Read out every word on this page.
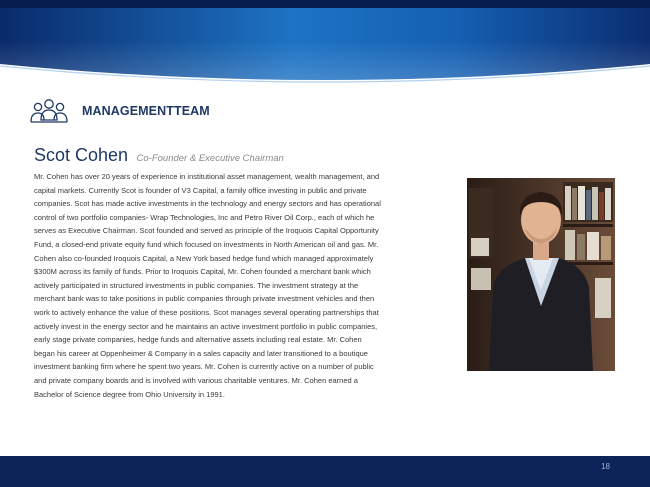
MANAGEMENTTEAM
Scot Cohen Co-Founder & Executive Chairman
Mr. Cohen has over 20 years of experience in institutional asset management, wealth management, and
capital markets. Currently Scot is founder of V3 Capital, a family office investing in public and private
companies. Scot has made active investments in the technology and energy sectors and has operational
control of two portfolio companies- Wrap Technologies, Inc and Petro River Oil Corp., each of which he
serves as Executive Chairman. Scot founded and served as principle of the Iroquois Capital Opportunity
Fund, a closed-end private equity fund which focused on investments in North American oil and gas. Mr.
Cohen also co-founded Iroquois Capital, a New York based hedge fund which managed approximately
$300M across its family of funds. Prior to Iroquois Capital, Mr. Cohen founded a merchant bank which
actively participated in structured investments in public companies. The investment strategy at the
merchant bank was to take positions in public companies through private investment vehicles and then
work to actively enhance the value of these positions. Scot manages several operating partnerships that
actively invest in the energy sector and he maintains an active investment portfolio in public companies,
early stage private companies, hedge funds and alternative assets including real estate. Mr. Cohen
began his career at Oppenheimer & Company in a sales capacity and later transitioned to a boutique
investment banking firm where he spent two years. Mr. Cohen is currently active on a number of public
and private company boards and is involved with various charitable ventures. Mr. Cohen earned a
Bachelor of Science degree from Ohio University in 1991.
18
